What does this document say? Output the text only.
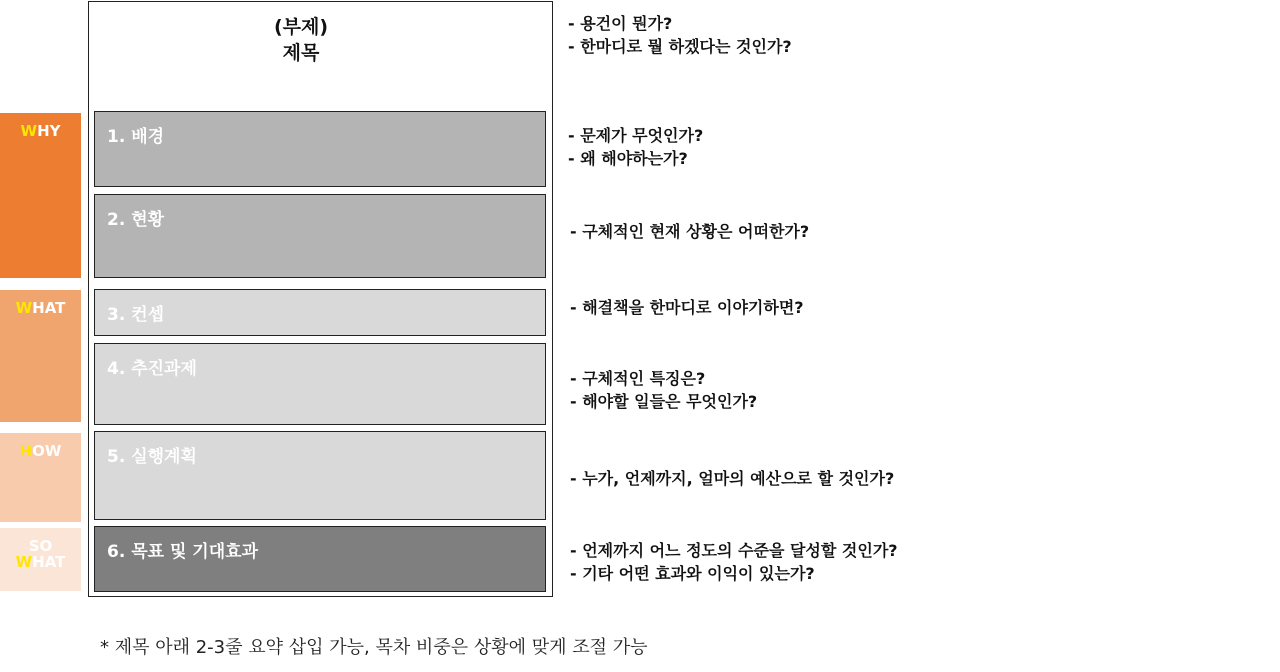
WHY
WHAT
HOW
SO
WHAT
(부제)
제목
1. 배경
2. 현황
3. 컨셉
4. 추진과제
5. 실행계획
6. 목표 및 기대효과
- 용건이 뭔가?
- 한마디로 뭘 하겠다는 것인가?
- 문제가 무엇인가?
- 왜 해야하는가?
- 구체적인 현재 상황은 어떠한가?
- 해결책을 한마디로 이야기하면?
- 구체적인 특징은?
- 해야할 일들은 무엇인가?
- 누가, 언제까지, 얼마의 예산으로 할 것인가?
- 언제까지 어느 정도의 수준을 달성할 것인가?
- 기타 어떤 효과와 이익이 있는가?
* 제목 아래 2-3줄 요약 삽입 가능, 목차 비중은 상황에 맞게 조절 가능
